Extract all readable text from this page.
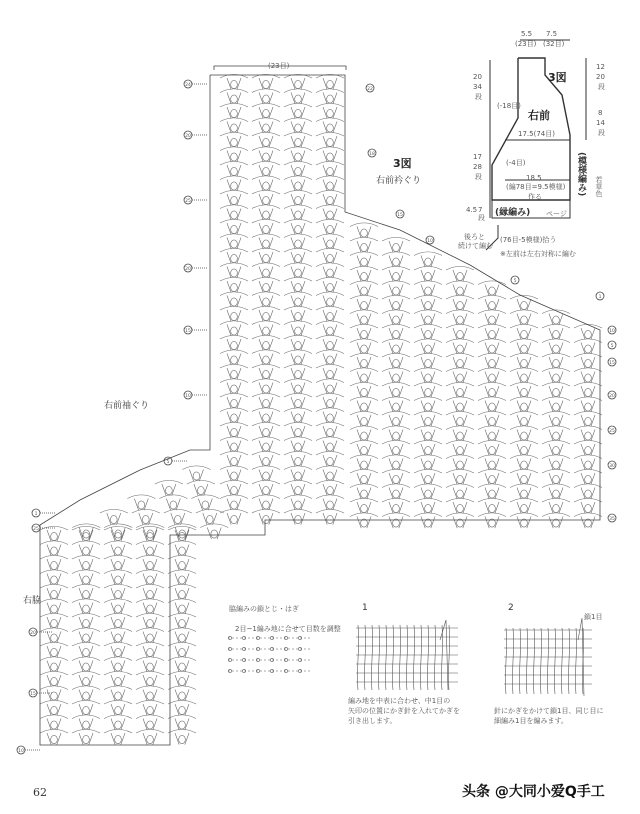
24
20
25
20
15
10
5
1
25
20
15
10
22
18
15
10
5
1
5
10
15
20
25
30
35
(23目)
3図
右前衿ぐり
右前袖ぐり
右脇
5.5 7.5
(23目) (32目)
3図
右前
20
34
段
17
28
段
4.5 7
段
12
20
段
8
14
段
(-18目)
(-4目)
17.5(74目)
18.5
(編78目=9.5模様)
作る
(模様編み) 若草色
(縁編み) ページ
後ろと
続けて編む
(76目-5模様)拾う
※左前は左右対称に編む
脇編みの鎖とじ・はぎ
2目~1編み地に合せて目数を調整
1
編み地を中表に合わせ、中1目の
矢印の位置にかぎ針を入れてかぎを
引き出します。
2
鎖1目
針にかぎをかけて鎖1目、同じ目に
細編み1目を編みます。
62	头条 @大同小爱Q手工
